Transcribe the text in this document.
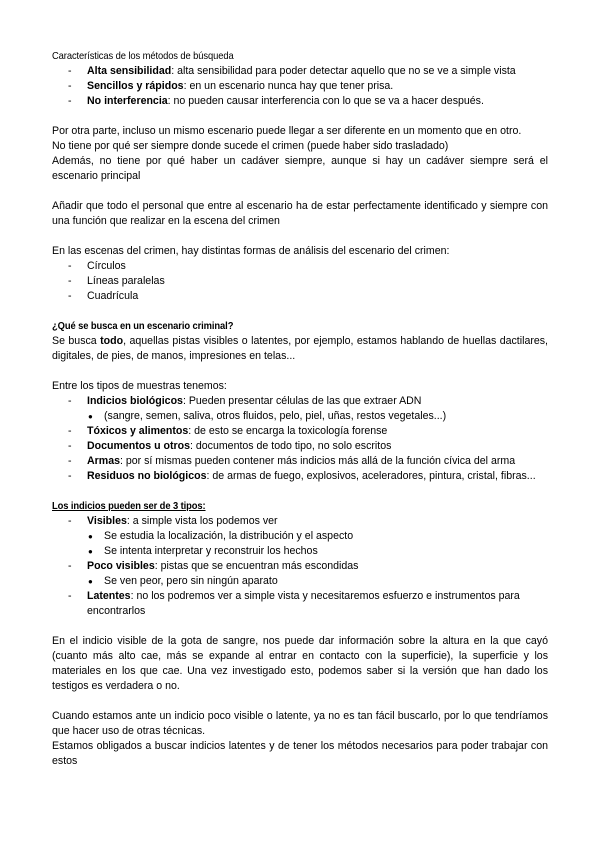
Características de los métodos de búsqueda
- Alta sensibilidad: alta sensibilidad para poder detectar aquello que no se ve a simple vista
- Sencillos y rápidos: en un escenario nunca hay que tener prisa.
- No interferencia: no pueden causar interferencia con lo que se va a hacer después.

Por otra parte, incluso un mismo escenario puede llegar a ser diferente en un momento que en otro.

No tiene por qué ser siempre donde sucede el crimen (puede haber sido trasladado)

Además, no tiene por qué haber un cadáver siempre, aunque si hay un cadáver siempre será el escenario principal

Añadir que todo el personal que entre al escenario ha de estar perfectamente identificado y siempre con una función que realizar en la escena del crimen

En las escenas del crimen, hay distintas formas de análisis del escenario del crimen:

- Círculos
- Líneas paralelas
- Cuadrícula
¿Qué se busca en un escenario criminal?

Se busca todo, aquellas pistas visibles o latentes, por ejemplo, estamos hablando de huellas dactilares, digitales, de pies, de manos, impresiones en telas...

Entre los tipos de muestras tenemos:

- Indicios biológicos: Pueden presentar células de las que extraer ADN
● (sangre, semen, saliva, otros fluidos, pelo, piel, uñas, restos vegetales...)
- Tóxicos y alimentos: de esto se encarga la toxicología forense
- Documentos u otros: documentos de todo tipo, no solo escritos
- Armas: por sí mismas pueden contener más indicios más allá de la función cívica del arma
- Residuos no biológicos: de armas de fuego, explosivos, aceleradores, pintura, cristal, fibras...
Los indicios pueden ser de 3 tipos:
- Visibles: a simple vista los podemos ver
● Se estudia la localización, la distribución y el aspecto
● Se intenta interpretar y reconstruir los hechos
- Poco visibles: pistas que se encuentran más escondidas
● Se ven peor, pero sin ningún aparato
- Latentes: no los podremos ver a simple vista y necesitaremos esfuerzo e instrumentos para encontrarlos

En el indicio visible de la gota de sangre, nos puede dar información sobre la altura en la que cayó (cuanto más alto cae, más se expande al entrar en contacto con la superficie), la superficie y los materiales en los que cae. Una vez investigado esto, podemos saber si la versión que han dado los testigos es verdadera o no.

Cuando estamos ante un indicio poco visible o latente, ya no es tan fácil buscarlo, por lo que tendríamos que hacer uso de otras técnicas.

Estamos obligados a buscar indicios latentes y de tener los métodos necesarios para poder trabajar con estos
